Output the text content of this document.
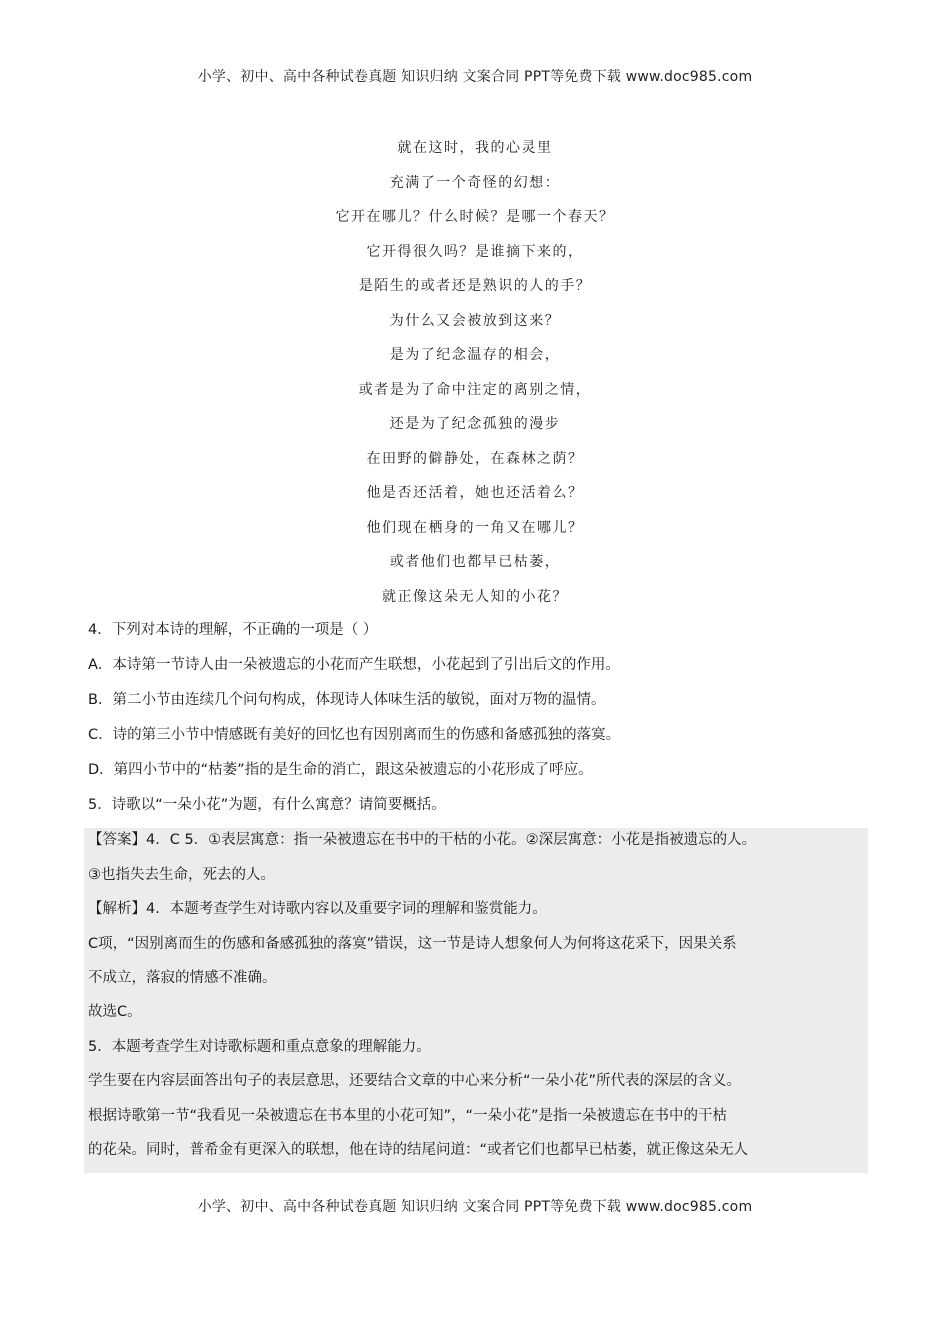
小学、初中、高中各种试卷真题 知识归纳 文案合同 PPT等免费下载 www.doc985.com
就在这时，我的心灵里
充满了一个奇怪的幻想：
它开在哪儿？什么时候？是哪一个春天？
它开得很久吗？是谁摘下来的，
是陌生的或者还是熟识的人的手？
为什么又会被放到这来？
是为了纪念温存的相会，
或者是为了命中注定的离别之情，
还是为了纪念孤独的漫步
在田野的僻静处，在森林之荫？
他是否还活着，她也还活着么？
他们现在栖身的一角又在哪儿？
或者他们也都早已枯萎，
就正像这朵无人知的小花？
4．下列对本诗的理解，不正确的一项是（ ）
A．本诗第一节诗人由一朵被遗忘的小花而产生联想，小花起到了引出后文的作用。
B．第二小节由连续几个问句构成，体现诗人体味生活的敏锐，面对万物的温情。
C．诗的第三小节中情感既有美好的回忆也有因别离而生的伤感和备感孤独的落寞。
D．第四小节中的“枯萎”指的是生命的消亡，跟这朵被遗忘的小花形成了呼应。
5．诗歌以“一朵小花”为题，有什么寓意？请简要概括。
【答案】4．C 5．①表层寓意：指一朵被遗忘在书中的干枯的小花。②深层寓意：小花是指被遗忘的人。
③也指失去生命，死去的人。
【解析】4．本题考查学生对诗歌内容以及重要字词的理解和鉴赏能力。
C项，“因别离而生的伤感和备感孤独的落寞”错误，这一节是诗人想象何人为何将这花采下，因果关系
不成立，落寂的情感不准确。
故选C。
5．本题考查学生对诗歌标题和重点意象的理解能力。
学生要在内容层面答出句子的表层意思，还要结合文章的中心来分析“一朵小花”所代表的深层的含义。
根据诗歌第一节“我看见一朵被遗忘在书本里的小花可知”，“一朵小花”是指一朵被遗忘在书中的干枯
的花朵。同时，普希金有更深入的联想，他在诗的结尾问道：“或者它们也都早已枯萎，就正像这朵无人
小学、初中、高中各种试卷真题 知识归纳 文案合同 PPT等免费下载 www.doc985.com
